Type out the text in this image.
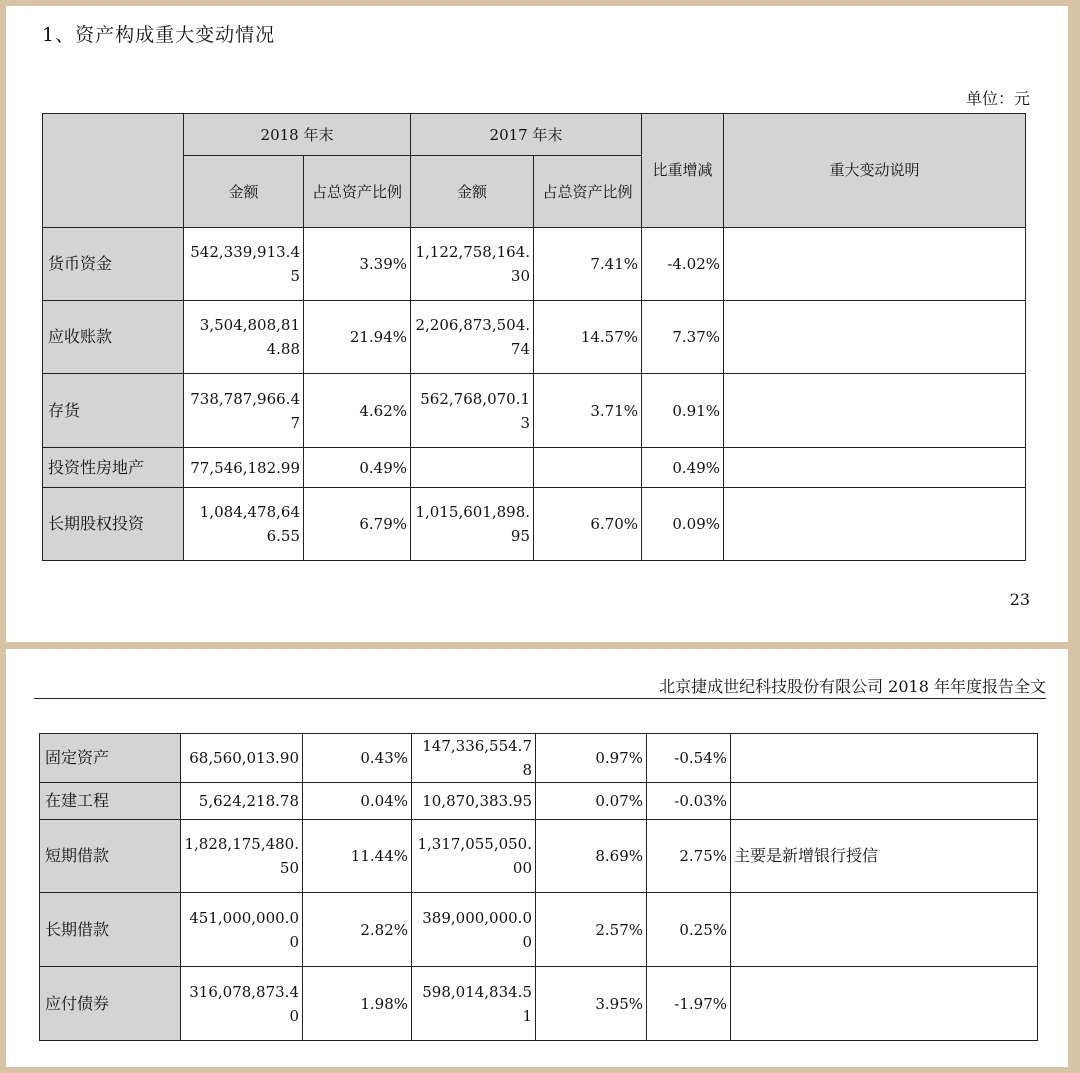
1、资产构成重大变动情况
单位：元
	2018 年末		2017 年末		比重增减	重大变动说明
	金额	占总资产比例	金额	占总资产比例		
货币资金	542,339,913.45	3.39%	1,122,758,164.30	7.41%	-4.02%	
应收账款	3,504,808,814.88	21.94%	2,206,873,504.74	14.57%	7.37%	
存货	738,787,966.47	4.62%	562,768,070.13	3.71%	0.91%	
投资性房地产	77,546,182.99	0.49%			0.49%	
长期股权投资	1,084,478,646.55	6.79%	1,015,601,898.95	6.70%	0.09%	
23
北京捷成世纪科技股份有限公司 2018 年年度报告全文
固定资产	68,560,013.90	0.43%	147,336,554.78	0.97%	-0.54%	
在建工程	5,624,218.78	0.04%	10,870,383.95	0.07%	-0.03%	
短期借款	1,828,175,480.50	11.44%	1,317,055,050.00	8.69%	2.75%	主要是新增银行授信
长期借款	451,000,000.00	2.82%	389,000,000.00	2.57%	0.25%	
应付债券	316,078,873.40	1.98%	598,014,834.51	3.95%	-1.97%	
